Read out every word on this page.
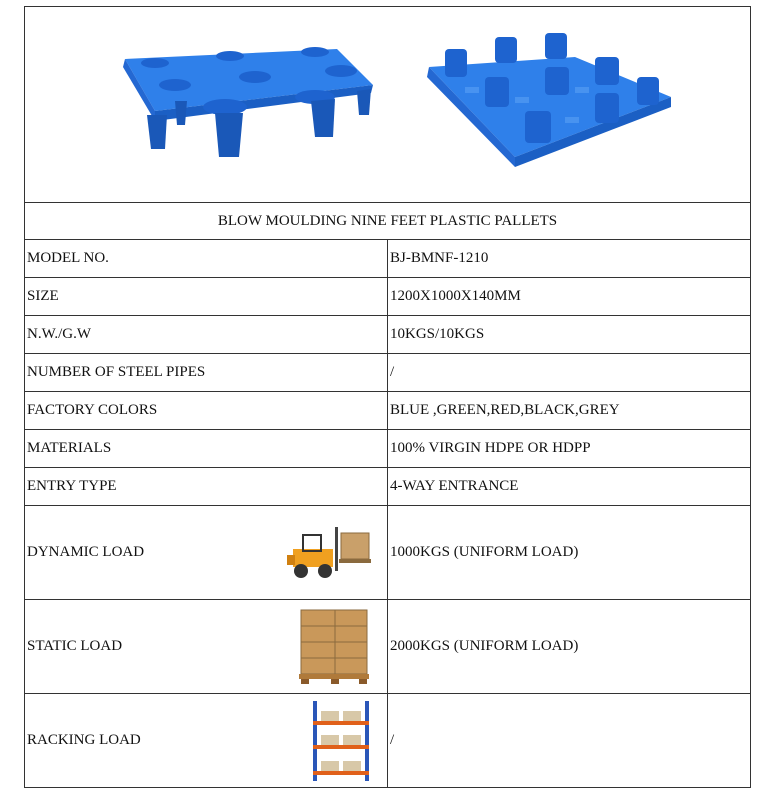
BLOW MOULDING NINE FEET PLASTIC PALLETS	
MODEL NO.	BJ-BMNF-1210
SIZE	1200X1000X140MM
N.W./G.W	10KGS/10KGS
NUMBER OF STEEL PIPES	/
FACTORY COLORS	BLUE ,GREEN,RED,BLACK,GREY
MATERIALS	100% VIRGIN HDPE OR HDPP
ENTRY TYPE	4-WAY ENTRANCE

DYNAMIC LOAD	1000KGS (UNIFORM LOAD)

STATIC LOAD	2000KGS (UNIFORM LOAD)

RACKING LOAD	/
